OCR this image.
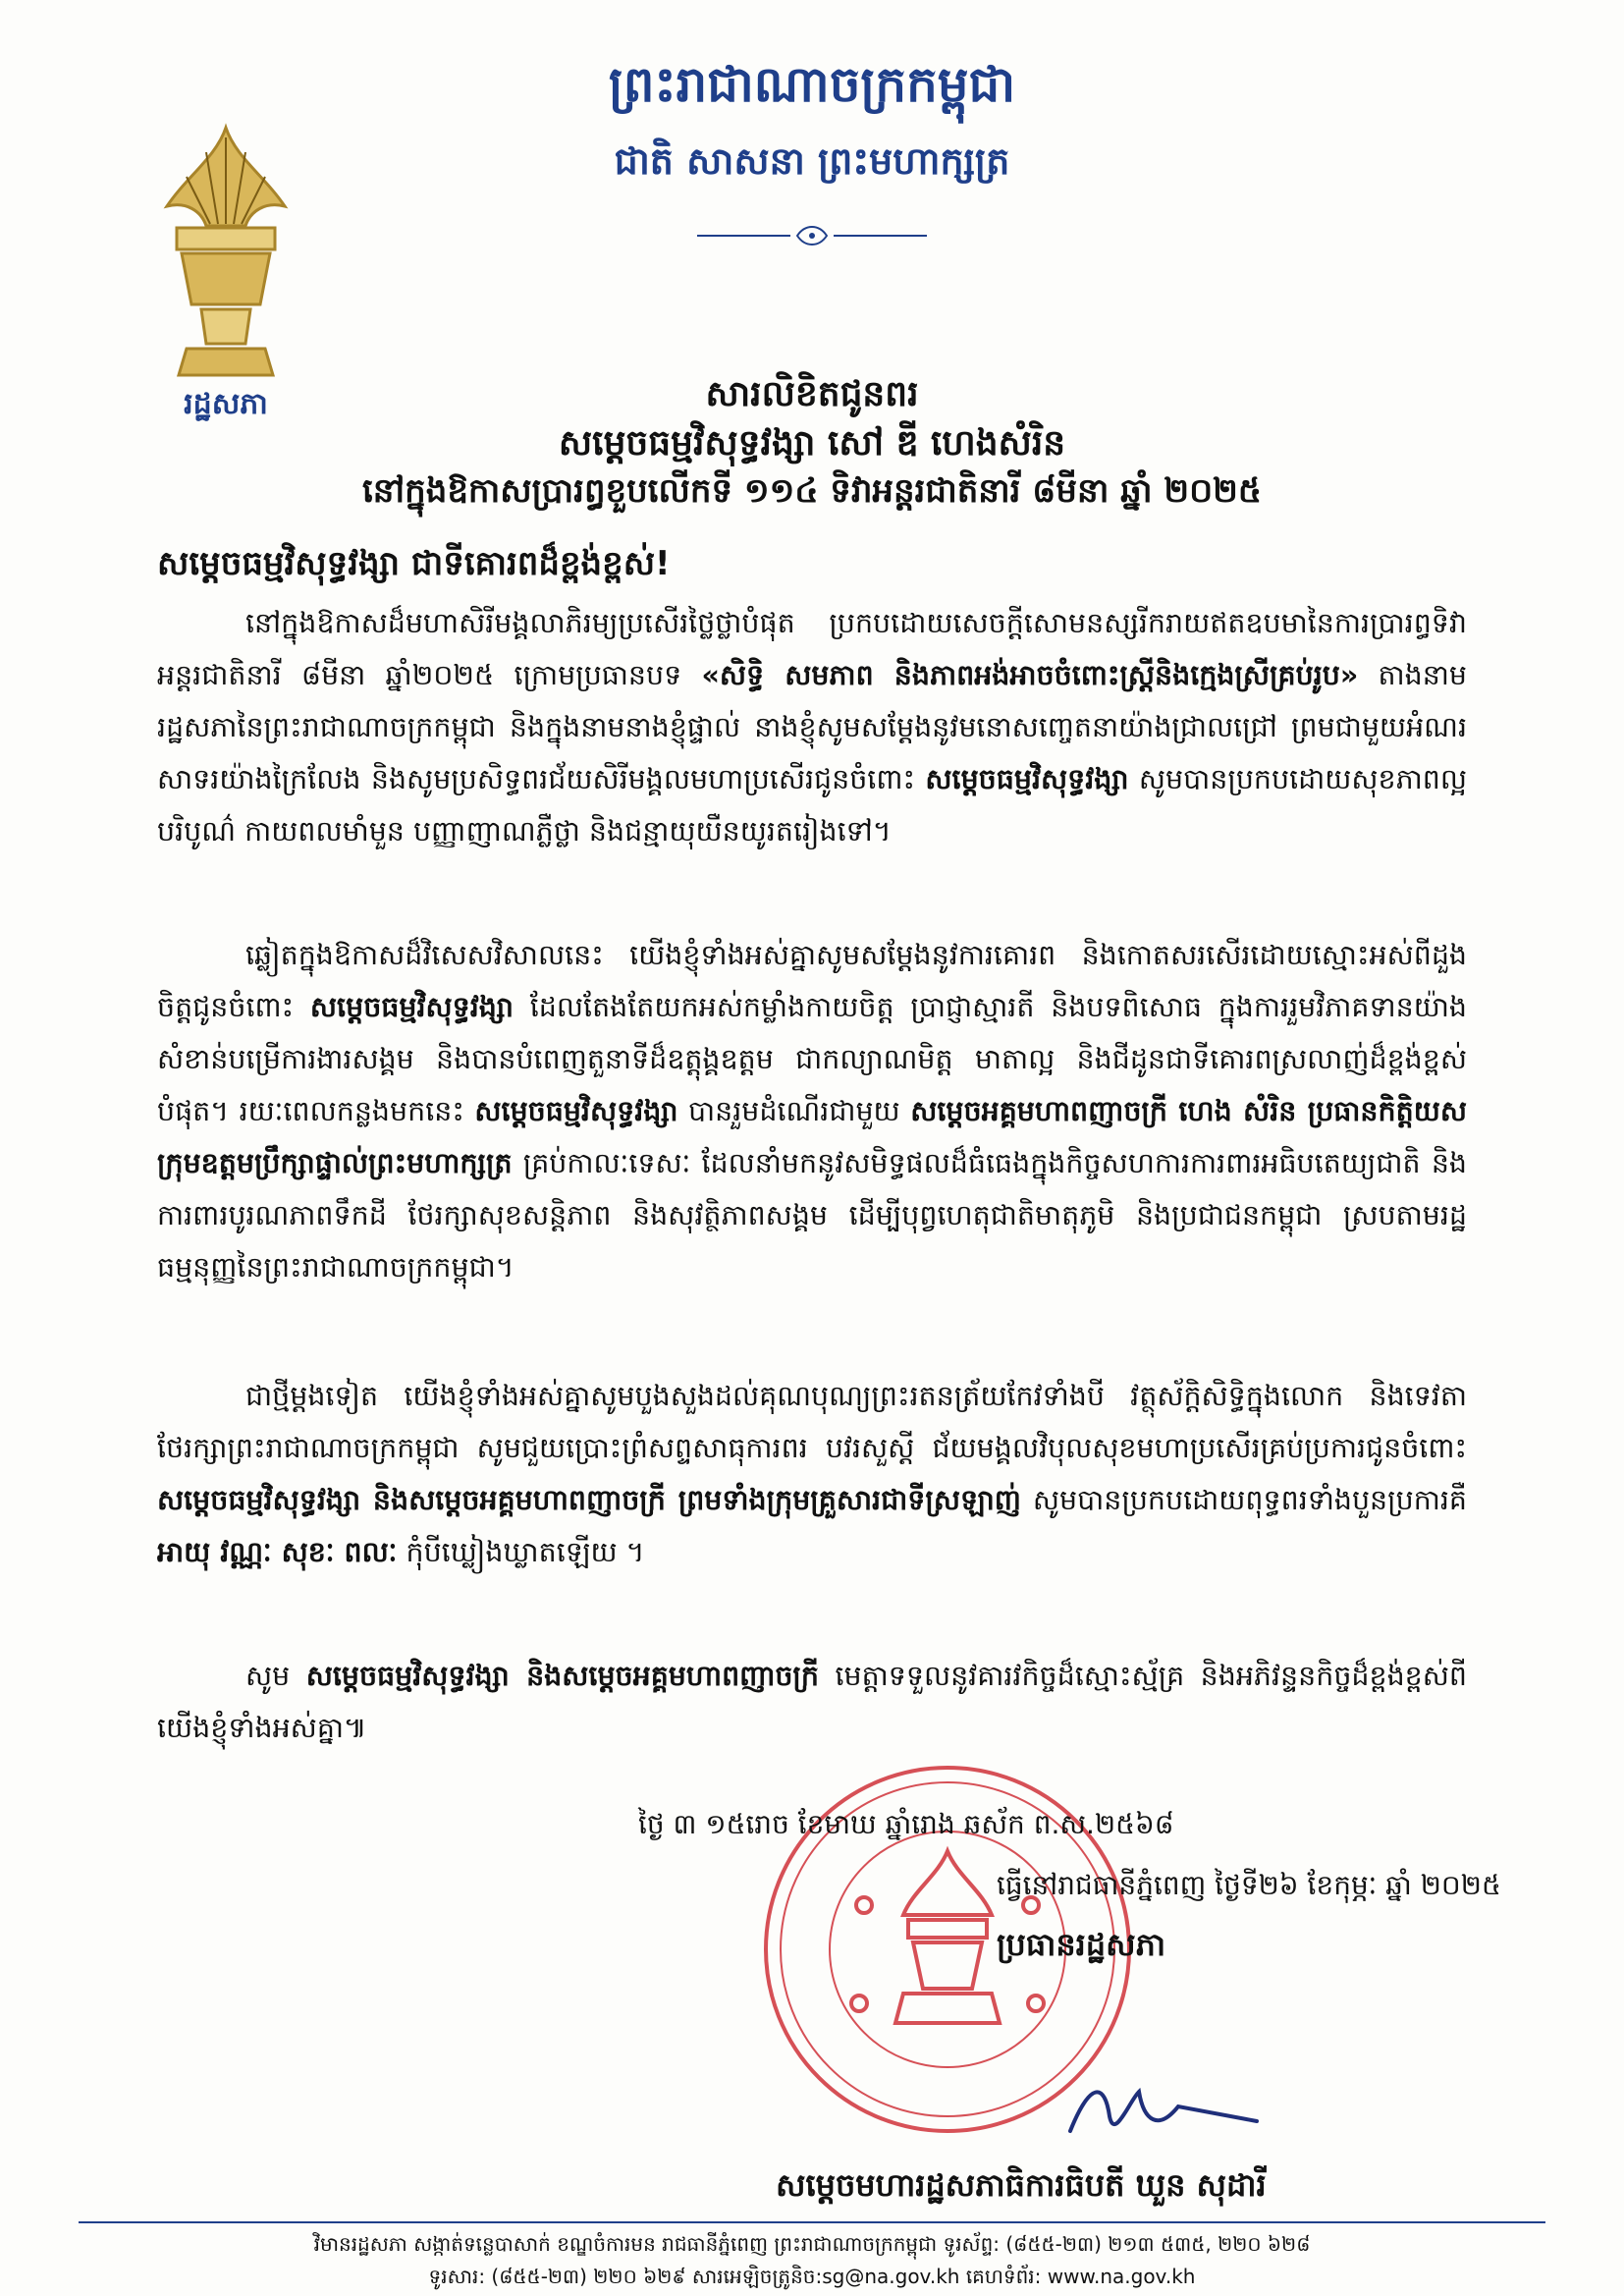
រដ្ឋសភា
ព្រះរាជាណាចក្រកម្ពុជា
ជាតិ សាសនា ព្រះមហាក្សត្រ
សារលិខិតជូនពរ
សម្តេចធម្មវិសុទ្ធវង្សា សៅ ឌី ហេងសំរិន
នៅក្នុងឱកាសប្រារព្ធខួបលើកទី ១១៤ ទិវាអន្តរជាតិនារី ៨មីនា ឆ្នាំ ២០២៥
សម្តេចធម្មវិសុទ្ធវង្សា ជាទីគោរពដ៏ខ្ពង់ខ្ពស់!
នៅក្នុងឱកាសដ៏មហាសិរីមង្គលាភិរម្យប្រសើរថ្លៃថ្លាបំផុត ប្រកបដោយសេចក្តីសោមនស្សរីករាយឥតឧបមានៃការប្រារព្ធទិវាអន្តរជាតិនារី ៨មីនា ឆ្នាំ២០២៥ ក្រោមប្រធានបទ «សិទ្ធិ សមភាព និងភាពអង់អាចចំពោះស្ត្រីនិងក្មេងស្រីគ្រប់រូប» តាងនាមរដ្ឋសភានៃព្រះរាជាណាចក្រកម្ពុជា និងក្នុងនាមនាងខ្ញុំផ្ទាល់ នាងខ្ញុំសូមសម្តែងនូវមនោសញ្ចេតនាយ៉ាងជ្រាលជ្រៅ ព្រមជាមួយអំណរសាទរយ៉ាងក្រៃលែង និងសូមប្រសិទ្ធពរជ័យសិរីមង្គលមហាប្រសើរជូនចំពោះ សម្តេចធម្មវិសុទ្ធវង្សា សូមបានប្រកបដោយសុខភាពល្អបរិបូណ៌ កាយពលមាំមួន បញ្ញាញាណភ្លឺថ្លា និងជន្មាយុយឺនយូរតរៀងទៅ។
ឆ្លៀតក្នុងឱកាសដ៏វិសេសវិសាលនេះ យើងខ្ញុំទាំងអស់គ្នាសូមសម្តែងនូវការគោរព និងកោតសរសើរដោយស្មោះអស់ពីដួងចិត្តជូនចំពោះ សម្តេចធម្មវិសុទ្ធវង្សា ដែលតែងតែយកអស់កម្លាំងកាយចិត្ត ប្រាជ្ញាស្មារតី និងបទពិសោធ ក្នុងការរួមវិភាគទានយ៉ាងសំខាន់បម្រើការងារសង្គម និងបានបំពេញតួនាទីដ៏ឧត្តុង្គឧត្តម ជាកល្យាណមិត្ត មាតាល្អ និងជីដូនជាទីគោរពស្រលាញ់ដ៏ខ្ពង់ខ្ពស់បំផុត។ រយៈពេលកន្លងមកនេះ សម្តេចធម្មវិសុទ្ធវង្សា បានរួមដំណើរជាមួយ សម្តេចអគ្គមហាពញាចក្រី ហេង សំរិន ប្រធានកិត្តិយសក្រុមឧត្តមប្រឹក្សាផ្ទាល់ព្រះមហាក្សត្រ គ្រប់កាលៈទេសៈ ដែលនាំមកនូវសមិទ្ធផលដ៏ធំធេងក្នុងកិច្ចសហការការពារអធិបតេយ្យជាតិ និងការពារបូរណភាពទឹកដី ថែរក្សាសុខសន្តិភាព និងសុវត្ថិភាពសង្គម ដើម្បីបុព្វហេតុជាតិមាតុភូមិ និងប្រជាជនកម្ពុជា ស្របតាមរដ្ឋធម្មនុញ្ញនៃព្រះរាជាណាចក្រកម្ពុជា។
ជាថ្មីម្តងទៀត យើងខ្ញុំទាំងអស់គ្នាសូមបួងសួងដល់គុណបុណ្យព្រះរតនត្រ័យកែវទាំងបី វត្ថុស័ក្តិសិទ្ធិក្នុងលោក និងទេវតាថែរក្សាព្រះរាជាណាចក្រកម្ពុជា សូមជួយប្រោះព្រំសព្ទសាធុការពរ បវរសួស្តី ជ័យមង្គលវិបុលសុខមហាប្រសើរគ្រប់ប្រការជូនចំពោះ សម្តេចធម្មវិសុទ្ធវង្សា និងសម្តេចអគ្គមហាពញាចក្រី ព្រមទាំងក្រុមគ្រួសារជាទីស្រឡាញ់ សូមបានប្រកបដោយពុទ្ធពរទាំងបួនប្រការគឺ អាយុ វណ្ណៈ សុខៈ ពលៈ កុំបីឃ្លៀងឃ្លាតឡើយ ។
សូម សម្តេចធម្មវិសុទ្ធវង្សា និងសម្តេចអគ្គមហាពញាចក្រី មេត្តាទទួលនូវគារវកិច្ចដ៏ស្មោះស្ម័គ្រ និងអភិវន្ទនកិច្ចដ៏ខ្ពង់ខ្ពស់ពីយើងខ្ញុំទាំងអស់គ្នា៕
ថ្ងៃ ៣ ១៥រោច ខែមាឃ ឆ្នាំរោង ឆស័ក ព.ស.២៥៦៨
ធ្វើនៅរាជធានីភ្នំពេញ ថ្ងៃទី២៦ ខែកុម្ភៈ ឆ្នាំ ២០២៥
ប្រធានរដ្ឋសភា
សម្តេចមហារដ្ឋសភាធិការធិបតី ឃួន សុដារី
វិមានរដ្ឋសភា សង្កាត់ទន្លេបាសាក់ ខណ្ឌចំការមន រាជធានីភ្នំពេញ ព្រះរាជាណាចក្រកម្ពុជា ទូរស័ព្ទ: (៨៥៥-២៣) ២១៣ ៥៣៥, ២២០ ៦២៨
ទូរសារ: (៨៥៥-២៣) ២២០ ៦២៩ សារអេឡិចត្រូនិច:sg@na.gov.kh គេហទំព័រ: www.na.gov.kh
